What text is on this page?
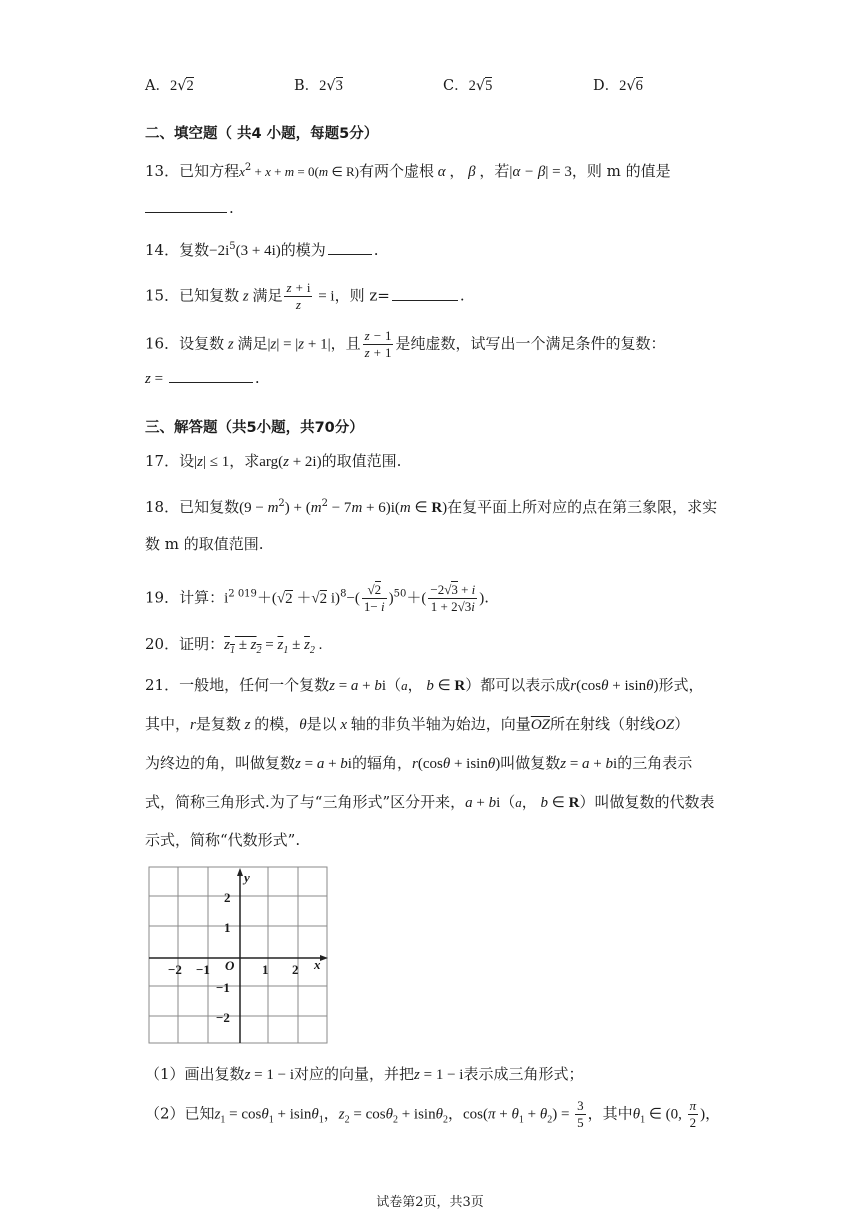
A．2√2	B．2√3	C．2√5	D．2√6
二、填空题（ 共4 小题，每题5分）
13．已知方程$x^2 + x + m = 0(m$ ∈ R)有两个虚根 α ， β ，若|α − β| = 3，则 m 的值是
.
14．复数$-2i^5(3 + 4i)$的模为	.
15．已知复数 z 满足 $\frac{z + i}{z} = i$，则 z=	.
16．设复数 z 满足|z| = |z + 1|，且 $\frac{z - 1}{z + 1}$ 是纯虚数，试写出一个满足条件的复数：
z =	.
三、解答题（共5小题，共70分）
17．设|z| ≤ 1，求arg(z + 2i)的取值范围.
18．已知复数$(9 - m^2) + (m^2 - 7m + 6)i(m$ ∈ R)在复平面上所对应的点在第三象限，求实
数 m 的取值范围.
19．计算：$i^{2 019}+(√2 +√2$ $i)^8-( \frac{√2}{1- i} )^{50}+( \frac{-2√3 + i}{1 + 2√3i}$ ).
20．证明：$z_1 \pm z_2 = \overline{z}_1 \pm \overline{z}_2$ .
21．一般地，任何一个复数z = a + bi（a， b ∈ R）都可以表示成r(cosθ + isinθ)形式，
其中，r是复数 z 的模，θ是以 x 轴的非负半轴为始边，向量$\overline{OZ}$所在射线（射线OZ）
为终边的角，叫做复数z = a + bi的辐角，r(cosθ + isinθ)叫做复数z = a + bi的三角表示
式，简称三角形式.为了与“三角形式”区分开来，a + bi（a， b ∈ R）叫做复数的代数表
示式，简称“代数形式”.
y
x
O
−2 −1	1 2
2
1
−1
−2
（1）画出复数z = 1 − i对应的向量，并把z = 1 − i表示成三角形式；
（2）已知$z_1 = \cos\theta_1 + isin\theta_1$，$z_2 = \cos\theta_2 + isin\theta_2$，$\cos(\pi + \theta_1 + \theta_2) = \frac{3}{5}$ ，其中$\theta_1$ ∈ (0, $\frac{\pi}{2}$ )，
试卷第2页，共3页
